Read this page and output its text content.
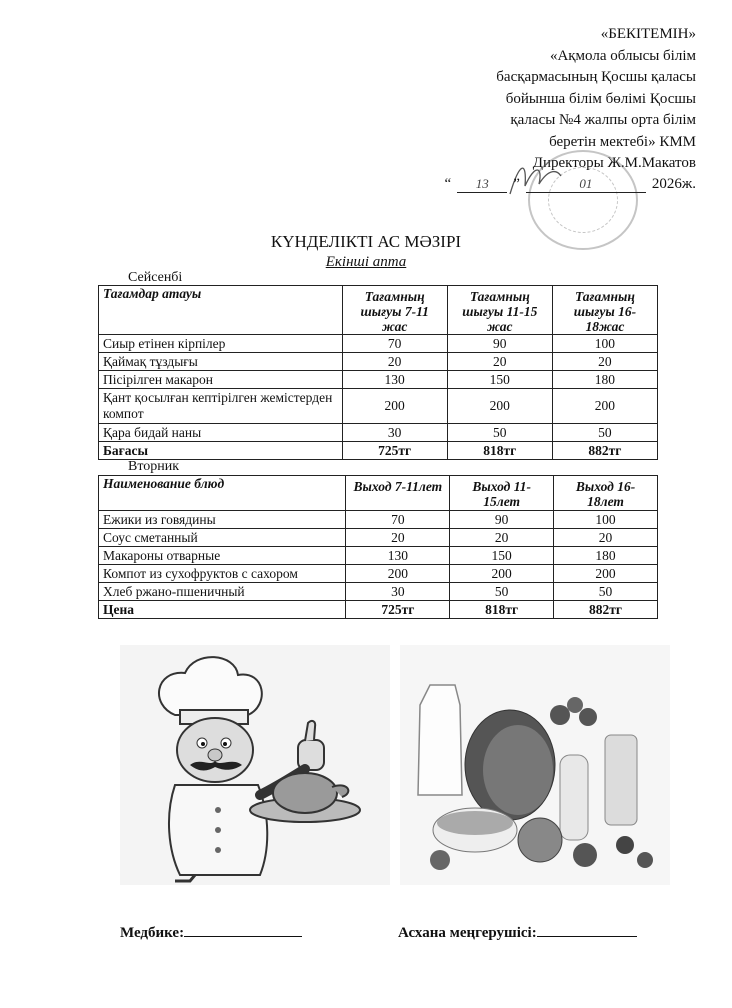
«БЕКІТЕМІН»
«Ақмола облысы білім
басқармасының Қосшы қаласы
бойынша білім бөлімі Қосшы
қаласы №4 жалпы орта білім
беретін мектебі» КММ
Директоры Ж.М.Макатов
“	13	”	01	2026ж.
КҮНДЕЛІКТІ АС МӘЗІРІ
Екінші апта
Сейсенбі
Тағамдар атауы	Тағамның шығуы 7-11 жас	Тағамның шығуы 11-15 жас	Тағамның шығуы 16-18жас
Сиыр етінен кірпілер	70	90	100
Қаймақ тұздығы	20	20	20
Пісірілген макарон	130	150	180
Қант қосылған кептірілген жемістерден компот	200	200	200
Қара бидай наны	30	50	50
Бағасы	725тг	818тг	882тг
Вторник
Наименование блюд	Выход 7-11лет	Выход 11-15лет	Выход 16-18лет
Ежики из говядины	70	90	100
Соус сметанный	20	20	20
Макароны отварные	130	150	180
Компот из сухофруктов с сахором	200	200	200
Хлеб ржано-пшеничный	30	50	50
Цена	725тг	818тг	882тг
Медбике:	Асхана меңгерушісі:
